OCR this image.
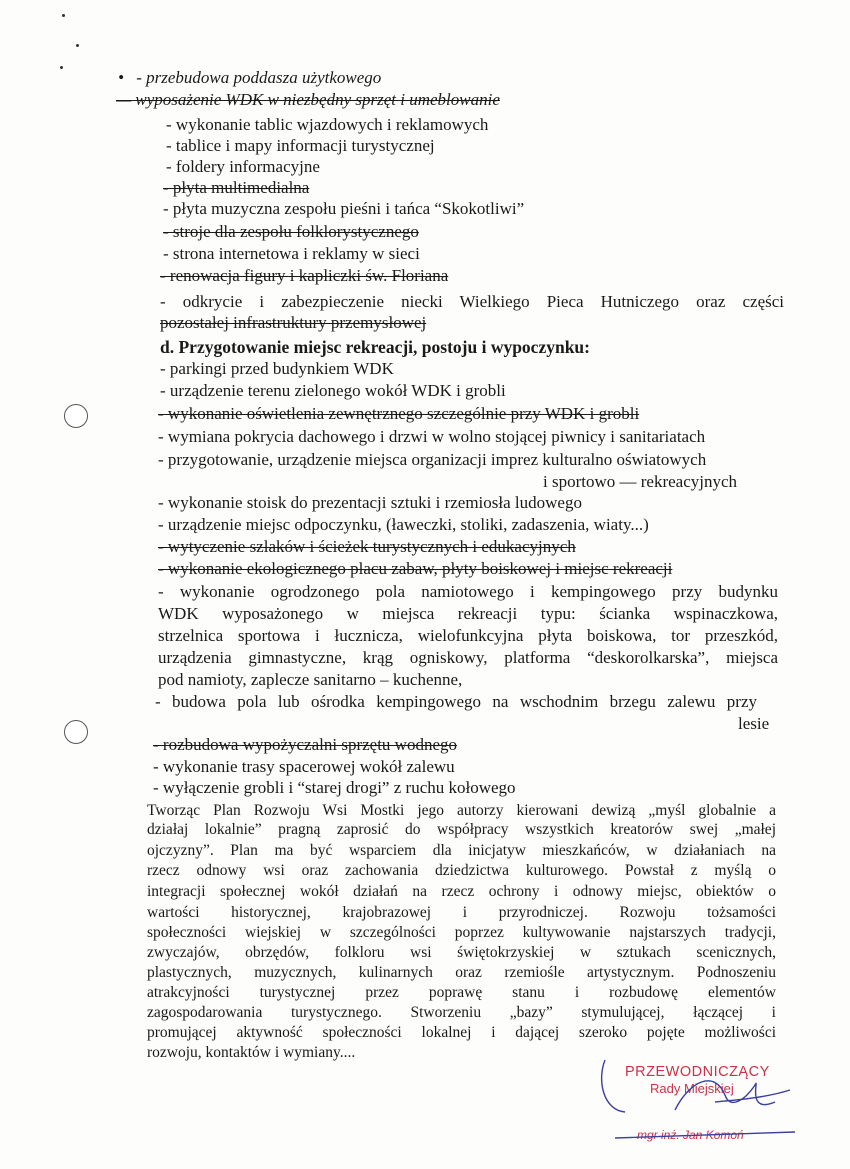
• - przebudowa poddasza użytkowego
— wyposażenie WDK w niezbędny sprzęt i umeblowanie
- wykonanie tablic wjazdowych i reklamowych
- tablice i mapy informacji turystycznej
- foldery informacyjne
- płyta multimedialna
- płyta muzyczna zespołu pieśni i tańca “Skokotliwi”
- stroje dla zespołu folklorystycznego
- strona internetowa i reklamy w sieci
- renowacja figury i kapliczki św. Floriana
- odkrycie i zabezpieczenie niecki Wielkiego Pieca Hutniczego oraz części
pozostałej infrastruktury przemysłowej
d. Przygotowanie miejsc rekreacji, postoju i wypoczynku:
- parkingi przed budynkiem WDK
- urządzenie terenu zielonego wokół WDK i grobli
- wykonanie oświetlenia zewnętrznego szczególnie przy WDK i grobli
- wymiana pokrycia dachowego i drzwi w wolno stojącej piwnicy i sanitariatach
- przygotowanie, urządzenie miejsca organizacji imprez kulturalno oświatowych
i sportowo — rekreacyjnych
- wykonanie stoisk do prezentacji sztuki i rzemiosła ludowego
- urządzenie miejsc odpoczynku, (ławeczki, stoliki, zadaszenia, wiaty...)
- wytyczenie szlaków i ścieżek turystycznych i edukacyjnych
- wykonanie ekologicznego placu zabaw, płyty boiskowej i miejsc rekreacji
- wykonanie ogrodzonego pola namiotowego i kempingowego przy budynku
WDK wyposażonego w miejsca rekreacji typu: ścianka wspinaczkowa,
strzelnica sportowa i łucznicza, wielofunkcyjna płyta boiskowa, tor przeszkód,
urządzenia gimnastyczne, krąg ogniskowy, platforma “deskorolkarska”, miejsca
pod namioty, zaplecze sanitarno – kuchenne,
- budowa pola lub ośrodka kempingowego na wschodnim brzegu zalewu przy
lesie
- rozbudowa wypożyczalni sprzętu wodnego
- wykonanie trasy spacerowej wokół zalewu
- wyłączenie grobli i “starej drogi” z ruchu kołowego
Tworząc Plan Rozwoju Wsi Mostki jego autorzy kierowani dewizą „myśl globalnie a
działaj lokalnie” pragną zaprosić do współpracy wszystkich kreatorów swej „małej
ojczyzny”. Plan ma być wsparciem dla inicjatyw mieszkańców, w działaniach na
rzecz odnowy wsi oraz zachowania dziedzictwa kulturowego. Powstał z myślą o
integracji społecznej wokół działań na rzecz ochrony i odnowy miejsc, obiektów o
wartości historycznej, krajobrazowej i przyrodniczej. Rozwoju tożsamości
społeczności wiejskiej w szczególności poprzez kultywowanie najstarszych tradycji,
zwyczajów, obrzędów, folkloru wsi świętokrzyskiej w sztukach scenicznych,
plastycznych, muzycznych, kulinarnych oraz rzemiośle artystycznym. Podnoszeniu
atrakcyjności turystycznej przez poprawę stanu i rozbudowę elementów
zagospodarowania turystycznego. Stworzeniu „bazy” stymulującej, łączącej i
promującej aktywność społeczności lokalnej i dającej szeroko pojęte możliwości
rozwoju, kontaktów i wymiany....
PRZEWODNICZĄCY
Rady Miejskiej
mgr inż. Jan Komoń
